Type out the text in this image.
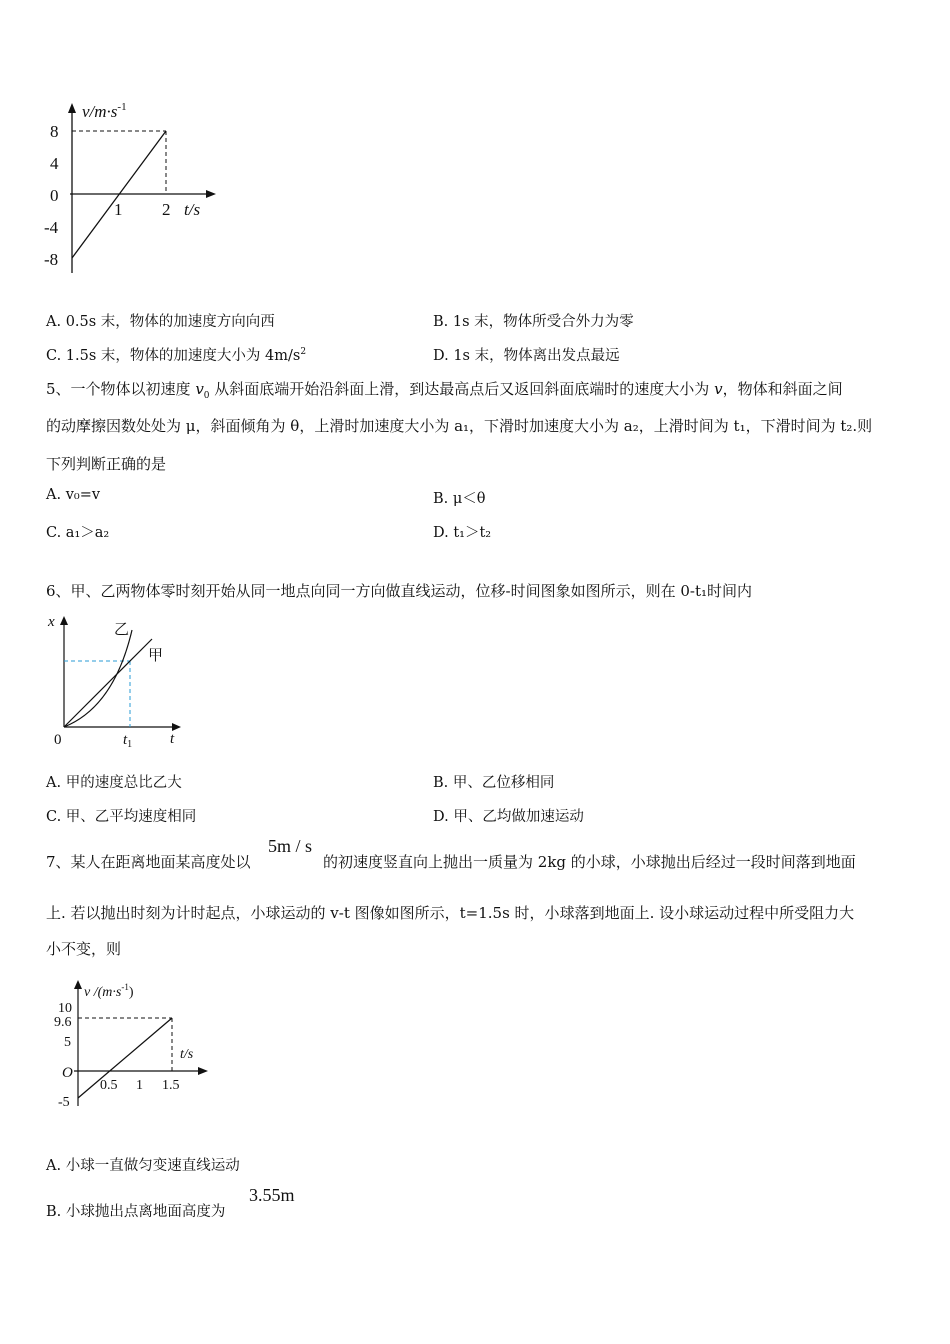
$v/m\cdot s^{-1}$
8
4
0
-4
-8
1 2 t/s
A. 0.5s 末，物体的加速度方向向西	B. 1s 末，物体所受合外力为零
C. 1.5s 末，物体的加速度大小为 $4m/s^2$	D. 1s 末，物体离出发点最远
5、一个物体以初速度 $v_0$ 从斜面底端开始沿斜面上滑，到达最高点后又返回斜面底端时的速度大小为 v，物体和斜面之间
的动摩擦因数处处为 μ，斜面倾角为 θ，上滑时加速度大小为 a₁，下滑时加速度大小为 a₂，上滑时间为 t₁，下滑时间为 t₂.则
下列判断正确的是
A. v₀=v	B. μ＜θ
C. a₁＞a₂	D. t₁＞t₂
6、甲、乙两物体零时刻开始从同一地点向同一方向做直线运动，位移-时间图象如图所示，则在 0-t₁时间内
x
t
0	$t_1$
乙
甲
A. 甲的速度总比乙大	B. 甲、乙位移相同
C. 甲、乙平均速度相同	D. 甲、乙均做加速运动
7、某人在距离地面某高度处以
5m / s
的初速度竖直向上抛出一质量为 2kg 的小球，小球抛出后经过一段时间落到地面
上. 若以抛出时刻为计时起点，小球运动的 v-t 图像如图所示，t=1.5s 时，小球落到地面上. 设小球运动过程中所受阻力大
小不变，则
v $/(m\cdot s^{-1})$
10
9.6
5
-5
O
0.5 1 1.5
t/s
A. 小球一直做匀变速直线运动
B. 小球抛出点离地面高度为
3.55m
